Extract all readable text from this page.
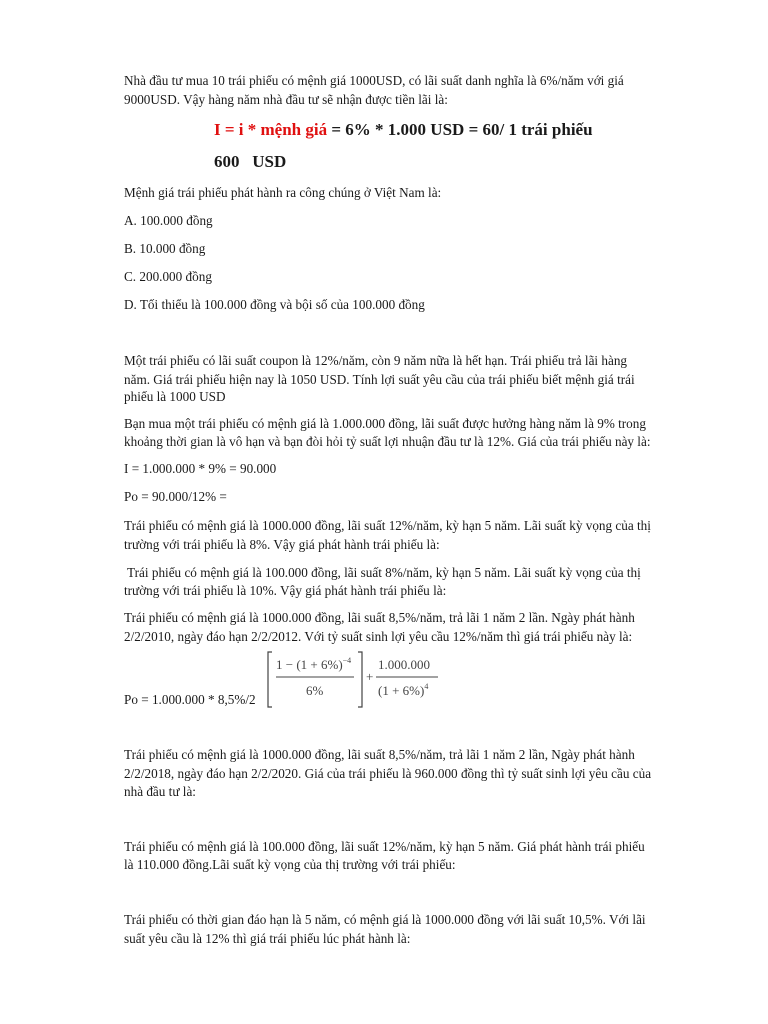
Nhà đầu tư mua 10 trái phiếu có mệnh giá 1000USD, có lãi suất danh nghĩa là 6%/năm với giá
9000USD. Vậy hàng năm nhà đầu tư sẽ nhận được tiền lãi là:
I = i * mệnh giá = 6% * 1.000 USD = 60/ 1 trái phiếu
600   USD
Mệnh giá trái phiếu phát hành ra công chúng ở Việt Nam là:
A. 100.000 đồng
B. 10.000 đồng
C. 200.000 đồng
D. Tối thiểu là 100.000 đồng và bội số của 100.000 đồng
Một trái phiếu có lãi suất coupon là 12%/năm, còn 9 năm nữa là hết hạn. Trái phiếu trả lãi hàng
năm. Giá trái phiếu hiện nay là 1050 USD. Tính lợi suất yêu cầu của trái phiếu biết mệnh giá trái
phiếu là 1000 USD
Bạn mua một trái phiếu có mệnh giá là 1.000.000 đồng, lãi suất được hưởng hàng năm là 9% trong
khoảng thời gian là vô hạn và bạn đòi hỏi tỷ suất lợi nhuận đầu tư là 12%. Giá của trái phiếu này là:
I = 1.000.000 * 9% = 90.000
Po = 90.000/12% =
Trái phiếu có mệnh giá là 1000.000 đồng, lãi suất 12%/năm, kỳ hạn 5 năm. Lãi suất kỳ vọng của thị
trường với trái phiếu là 8%. Vậy giá phát hành trái phiếu là:
Trái phiếu có mệnh giá là 100.000 đồng, lãi suất 8%/năm, kỳ hạn 5 năm. Lãi suất kỳ vọng của thị
trường với trái phiếu là 10%. Vậy giá phát hành trái phiếu là:
Trái phiếu có mệnh giá là 1000.000 đồng, lãi suất 8,5%/năm, trả lãi 1 năm 2 lần. Ngày phát hành
2/2/2010, ngày đáo hạn 2/2/2012. Với tỷ suất sinh lợi yêu cầu 12%/năm thì giá trái phiếu này là:
Po = 1.000.000 * 8,5%/2
$1 - (1 + 6\%)^{-4}$
6%
+
1.000.000
$(1 + 6\%)^4$
Trái phiếu có mệnh giá là 1000.000 đồng, lãi suất 8,5%/năm, trả lãi 1 năm 2 lần, Ngày phát hành
2/2/2018, ngày đáo hạn 2/2/2020. Giá của trái phiếu là 960.000 đồng thì tỷ suất sinh lợi yêu cầu của
nhà đầu tư là:
Trái phiếu có mệnh giá là 100.000 đồng, lãi suất 12%/năm, kỳ hạn 5 năm. Giá phát hành trái phiếu
là 110.000 đồng.Lãi suất kỳ vọng của thị trường với trái phiếu:
Trái phiếu có thời gian đáo hạn là 5 năm, có mệnh giá là 1000.000 đồng với lãi suất 10,5%. Với lãi
suất yêu cầu là 12% thì giá trái phiếu lúc phát hành là:
